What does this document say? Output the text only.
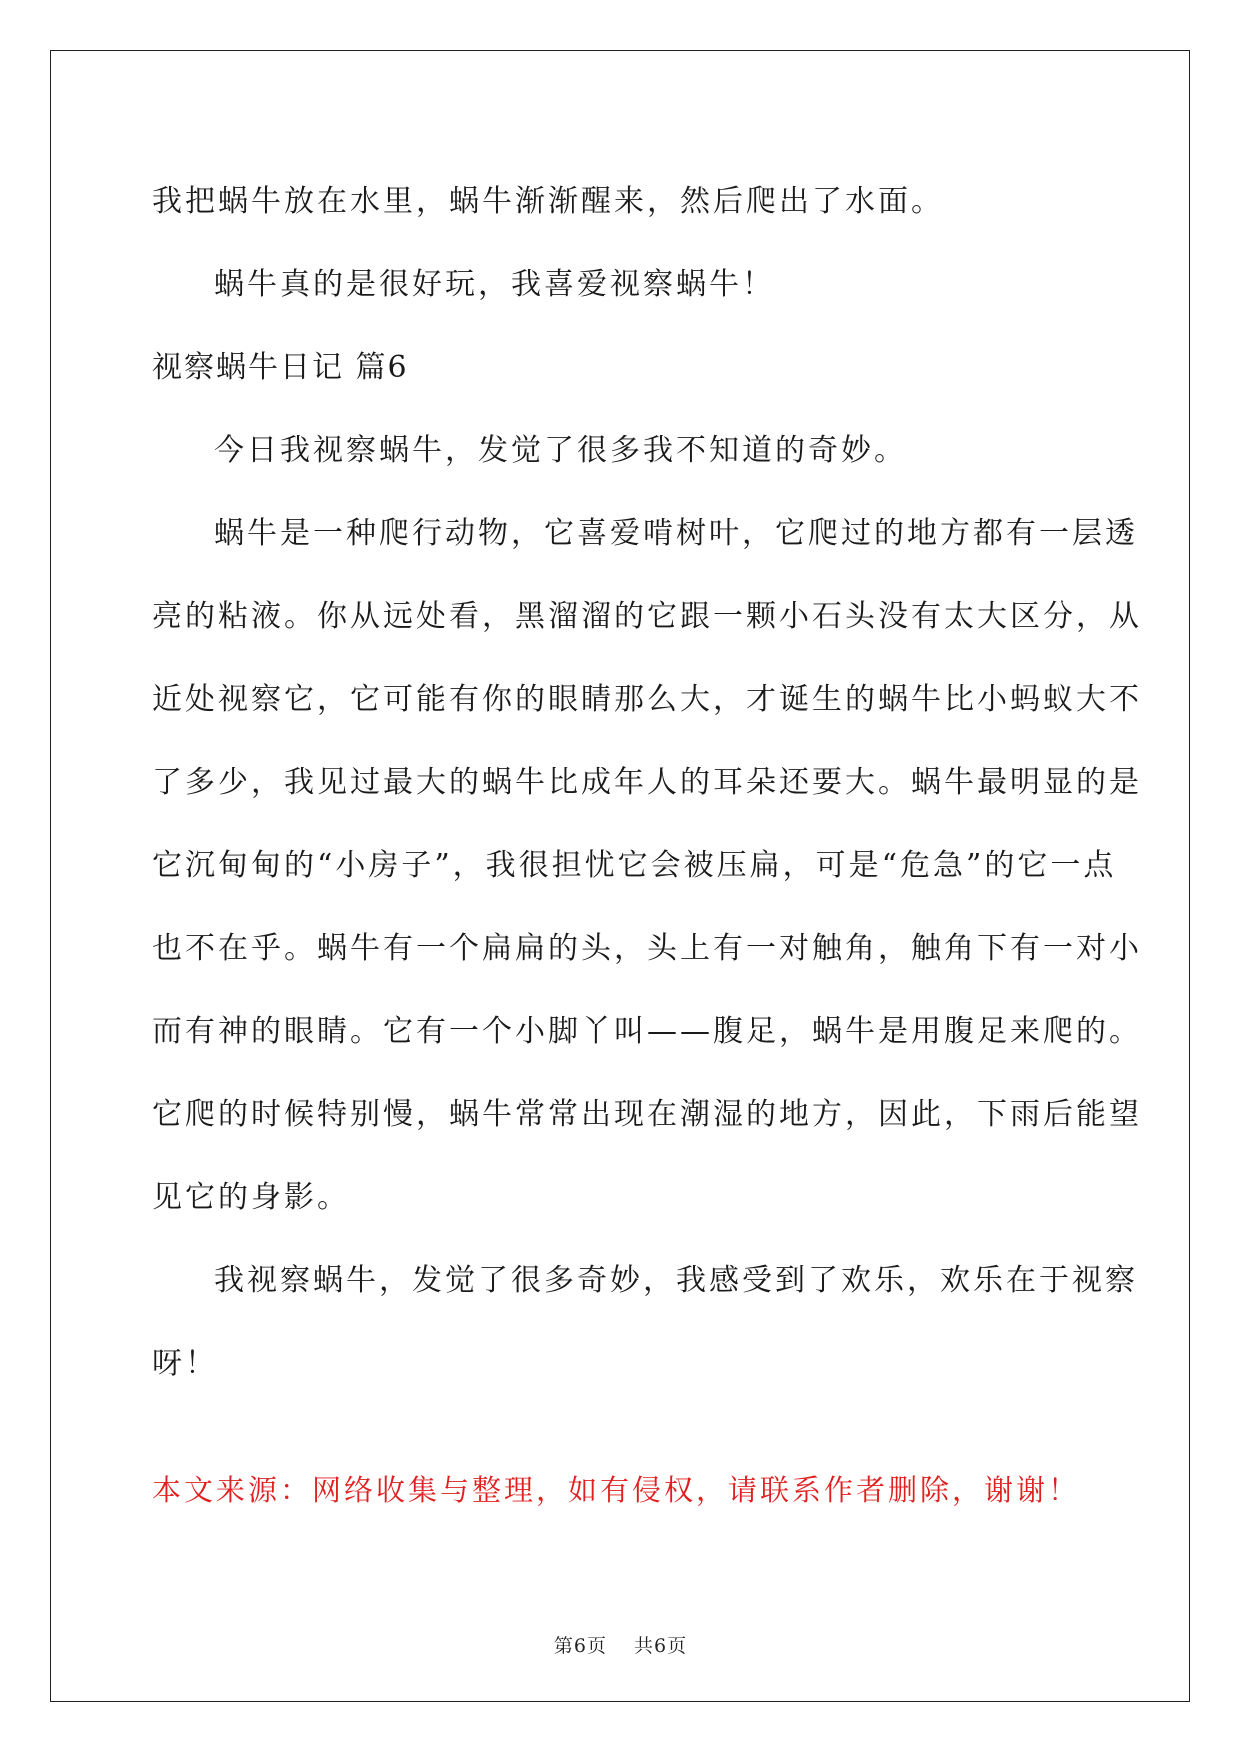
我把蜗牛放在水里，蜗牛渐渐醒来，然后爬出了水面。
蜗牛真的是很好玩，我喜爱视察蜗牛！
视察蜗牛日记 篇6
今日我视察蜗牛，发觉了很多我不知道的奇妙。
蜗牛是一种爬行动物，它喜爱啃树叶，它爬过的地方都有一层透
亮的粘液。你从远处看，黑溜溜的它跟一颗小石头没有太大区分，从
近处视察它，它可能有你的眼睛那么大，才诞生的蜗牛比小蚂蚁大不
了多少，我见过最大的蜗牛比成年人的耳朵还要大。蜗牛最明显的是
它沉甸甸的“小房子”，我很担忧它会被压扁，可是“危急”的它一点
也不在乎。蜗牛有一个扁扁的头，头上有一对触角，触角下有一对小
而有神的眼睛。它有一个小脚丫叫——腹足，蜗牛是用腹足来爬的。
它爬的时候特别慢，蜗牛常常出现在潮湿的地方，因此，下雨后能望
见它的身影。
我视察蜗牛，发觉了很多奇妙，我感受到了欢乐，欢乐在于视察
呀！
本文来源：网络收集与整理，如有侵权，请联系作者删除，谢谢！
第6页 共6页
